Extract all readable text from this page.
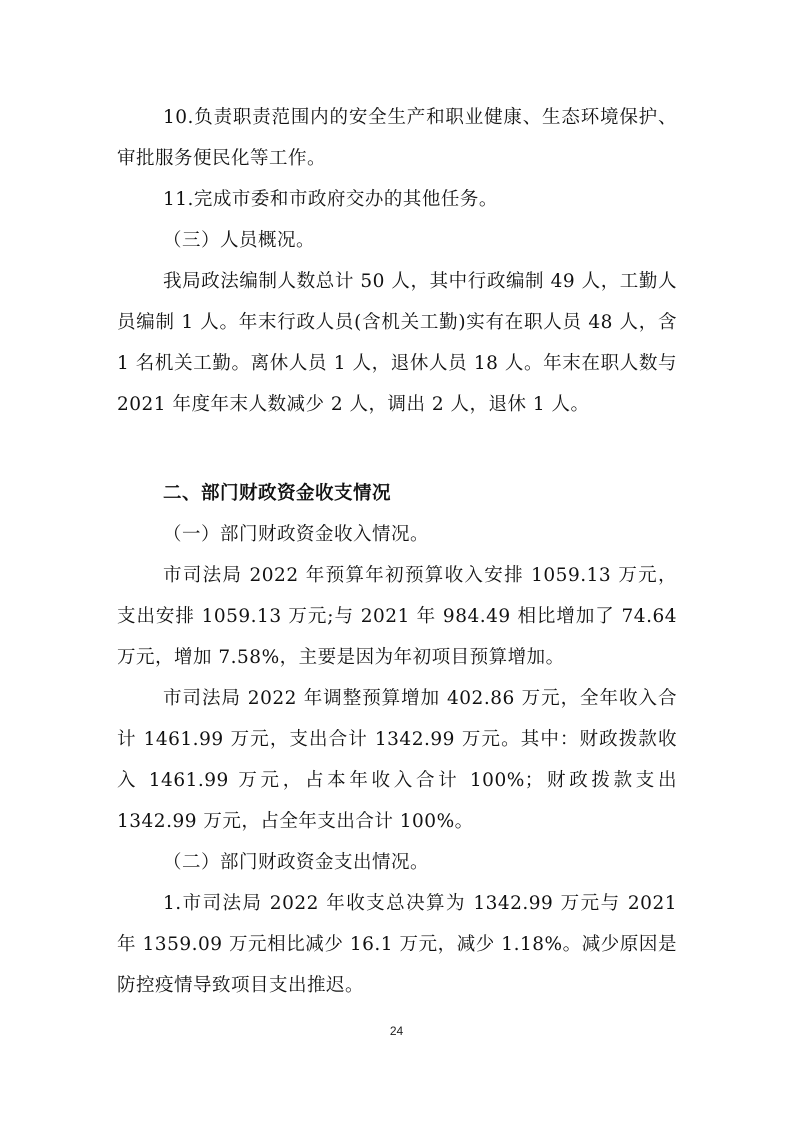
10.负责职责范围内的安全生产和职业健康、生态环境保护、审批服务便民化等工作。

11.完成市委和市政府交办的其他任务。

（三）人员概况。

我局政法编制人数总计 50 人，其中行政编制 49 人，工勤人员编制 1 人。年末行政人员(含机关工勤)实有在职人员 48 人，含 1 名机关工勤。离休人员 1 人，退休人员 18 人。年末在职人数与 2021 年度年末人数减少 2 人，调出 2 人，退休 1 人。

二、部门财政资金收支情况

（一）部门财政资金收入情况。

市司法局 2022 年预算年初预算收入安排 1059.13 万元，支出安排 1059.13 万元;与 2021 年 984.49 相比增加了 74.64 万元，增加 7.58%，主要是因为年初项目预算增加。

市司法局 2022 年调整预算增加 402.86 万元，全年收入合计 1461.99 万元，支出合计 1342.99 万元。其中：财政拨款收入 1461.99 万元，占本年收入合计 100%；财政拨款支出 1342.99 万元，占全年支出合计 100%。

（二）部门财政资金支出情况。

1.市司法局 2022 年收支总决算为 1342.99 万元与 2021 年 1359.09 万元相比减少 16.1 万元，减少 1.18%。减少原因是防控疫情导致项目支出推迟。

24
